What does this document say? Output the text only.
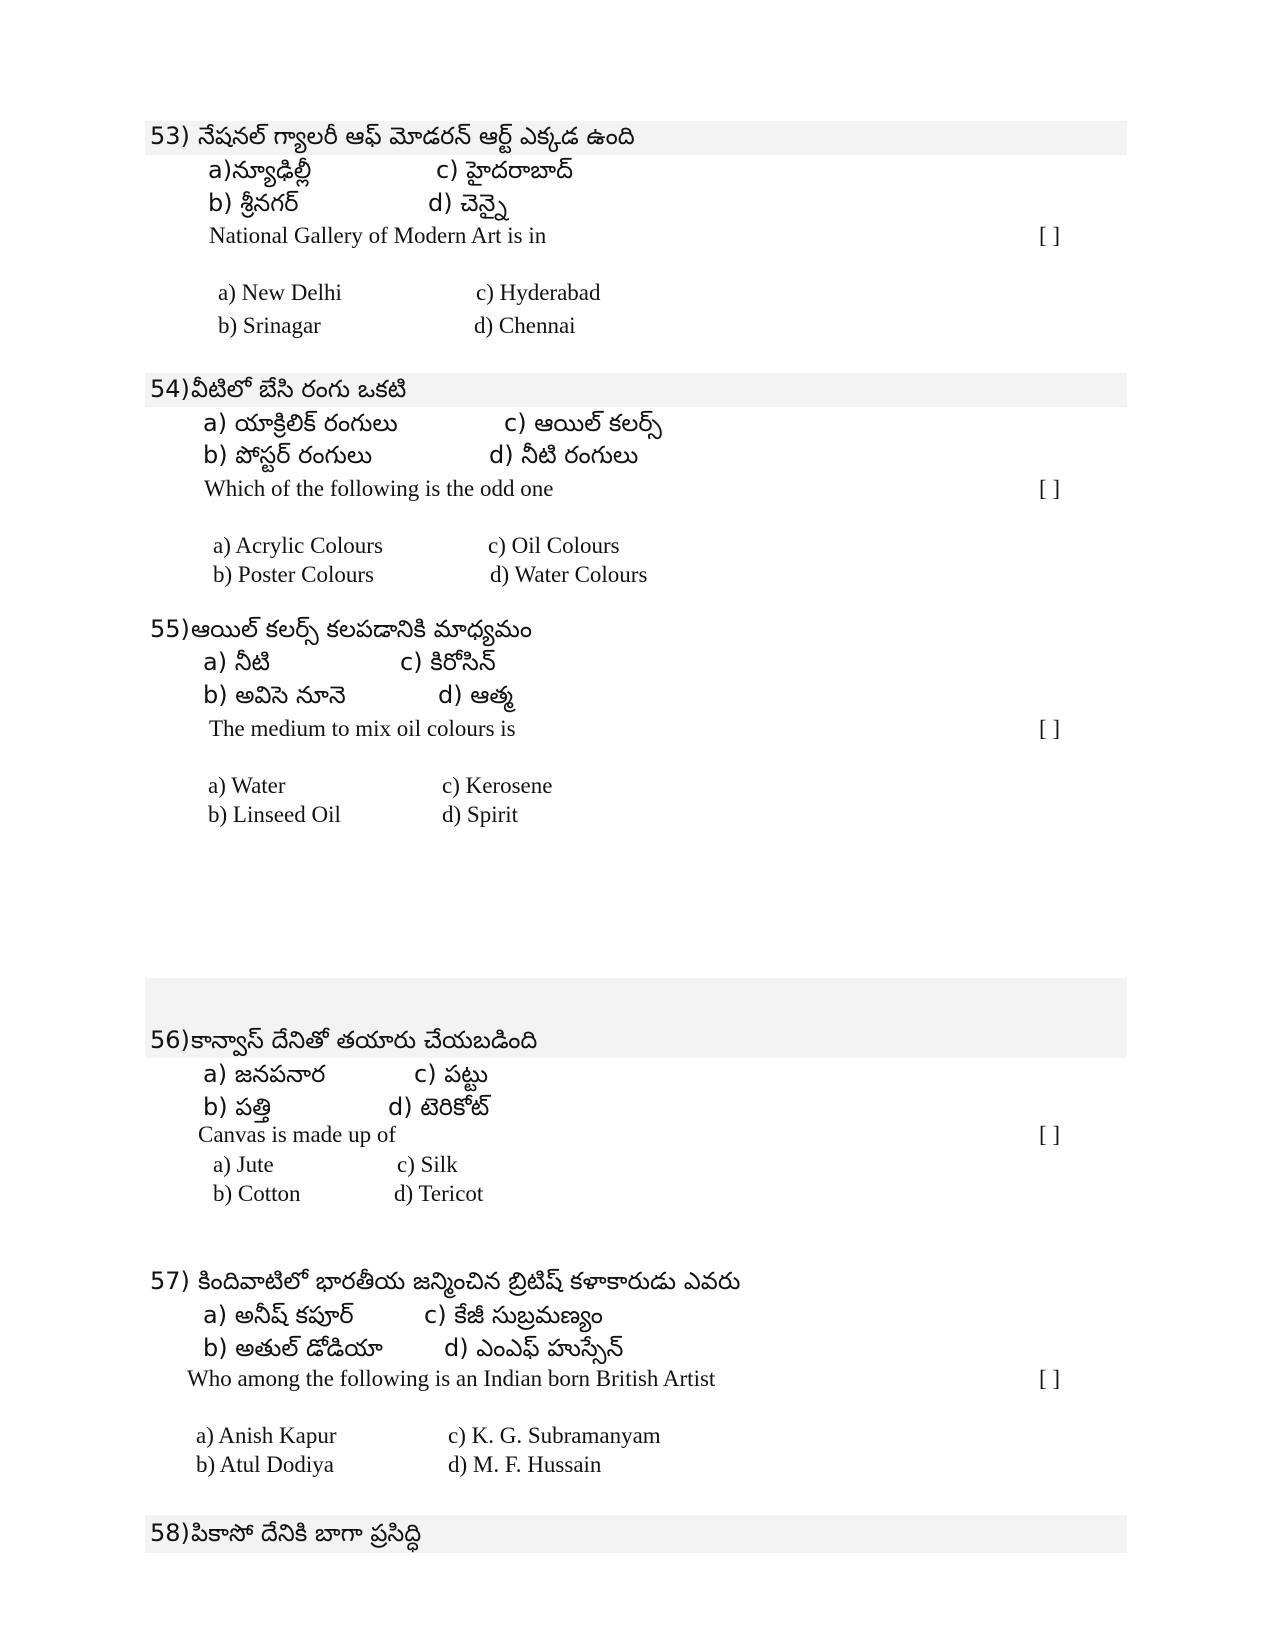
53) నేషనల్ గ్యాలరీ ఆఫ్ మోడరన్ ఆర్ట్ ఎక్కడ ఉంది
a)న్యూఢిల్లీ	c) హైదరాబాద్
b) శ్రీనగర్	d) చెన్నై
National Gallery of Modern Art is in	[ ]
a) New Delhi	c) Hyderabad
b) Srinagar	d) Chennai
54) వీటిలో బేసి రంగు ఒకటి
a) యాక్రిలిక్ రంగులు	c) ఆయిల్ కలర్స్
b) పోస్టర్ రంగులు	d) నీటి రంగులు
Which of the following is the odd one	[ ]
a) Acrylic Colours	c) Oil Colours
b) Poster Colours	d) Water Colours
55) ఆయిల్ కలర్స్ కలపడానికి మాధ్యమం
a) నీటి	c) కిరోసిన్
b) అవిసె నూనె	d) ఆత్మ
The medium to mix oil colours is	[ ]
a) Water	c) Kerosene
b) Linseed Oil	d) Spirit
56) కాన్వాస్ దేనితో తయారు చేయబడింది
a) జనపనార	c) పట్టు
b) పత్తి	d) టెరికోట్
Canvas is made up of	[ ]
a) Jute	c) Silk
b) Cotton	d) Tericot
57) కిందివాటిలో భారతీయ జన్మించిన బ్రిటిష్ కళాకారుడు ఎవరు
a) అనీష్ కపూర్	c) కేజీ సుబ్రమణ్యం
b) అతుల్ డోడియా	d) ఎంఎఫ్ హుస్సేన్
Who among the following is an Indian born British Artist	[ ]
a) Anish Kapur	c) K. G. Subramanyam
b) Atul Dodiya	d) M. F. Hussain
58) పికాసో దేనికి బాగా ప్రసిద్ధి
